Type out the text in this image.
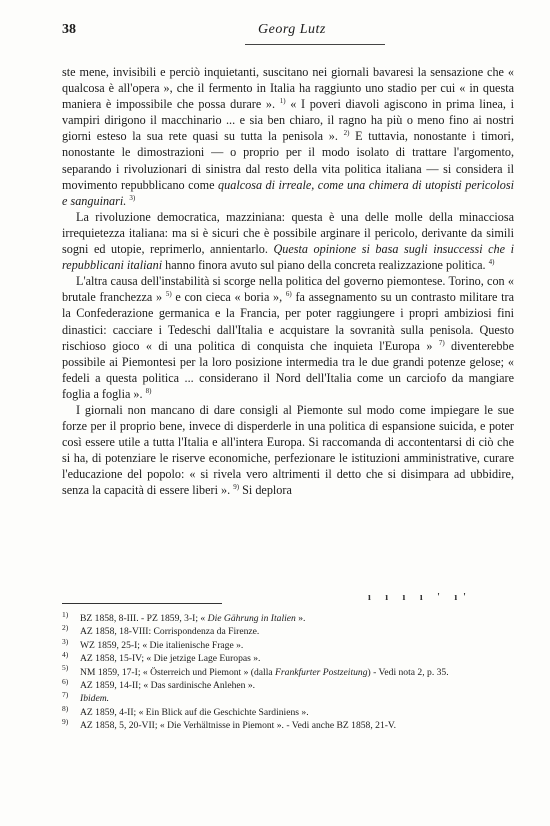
38	Georg Lutz

ste mene, invisibili e perciò inquietanti, suscitano nei giornali bavaresi la sensazione che « qualcosa è all'opera », che il fermento in Italia ha raggiunto uno stadio per cui « in questa maniera è impossibile che possa durare ». $^{1)}$ « I poveri diavoli agiscono in prima linea, i vampiri dirigono il macchinario ... e sia ben chiaro, il ragno ha più o meno fino ai nostri giorni esteso la sua rete quasi su tutta la penisola ». $^{2)}$ E tuttavia, nonostante i timori, nonostante le dimostrazioni — o proprio per il modo isolato di trattare l'argomento, separando i rivoluzionari di sinistra dal resto della vita politica italiana — si considera il movimento repubblicano come qualcosa di irreale, come una chimera di utopisti pericolosi e sanguinari. $^{3)}$

La rivoluzione democratica, mazziniana: questa è una delle molle della minacciosa irrequietezza italiana: ma si è sicuri che è possibile arginare il pericolo, derivante da simili sogni ed utopie, reprimerlo, annientarlo. Questa opinione si basa sugli insuccessi che i repubblicani italiani hanno finora avuto sul piano della concreta realizzazione politica. $^{4)}$

L'altra causa dell'instabilità si scorge nella politica del governo piemontese. Torino, con « brutale franchezza » $^{5)}$ e con cieca « boria », $^{6)}$ fa assegnamento su un contrasto militare tra la Confederazione germanica e la Francia, per poter raggiungere i propri ambiziosi fini dinastici: cacciare i Tedeschi dall'Italia e acquistare la sovranità sulla penisola. Questo rischioso gioco « di una politica di conquista che inquieta l'Europa » $^{7)}$ diventerebbe possibile ai Piemontesi per la loro posizione intermedia tra le due grandi potenze gelose; « fedeli a questa politica ... considerano il Nord dell'Italia come un carciofo da mangiare foglia a foglia ». $^{8)}$

I giornali non mancano di dare consigli al Piemonte sul modo come impiegare le sue forze per il proprio bene, invece di disperderle in una politica di espansione suicida, e poter così essere utile a tutta l'Italia e all'intera Europa. Si raccomanda di accontentarsi di ciò che si ha, di potenziare le riserve economiche, perfezionare le istituzioni amministrative, curare l'educazione del popolo: « si rivela vero altrimenti il detto che si disimpara ad ubbidire, senza la capacità di essere liberi ». $^{9)}$ Si deplora

ı ı ı ı ' ı'
1) BZ 1858, 8-III. - PZ 1859, 3-I; « Die Gährung in Italien ».
2) AZ 1858, 18-VIII: Corrispondenza da Firenze.
3) WZ 1859, 25-I; « Die italienische Frage ».
4) AZ 1858, 15-IV; « Die jetzige Lage Europas ».
5) NM 1859, 17-I; « Österreich und Piemont » (dalla Frankfurter Postzeitung) - Vedi nota 2, p. 35.
6) AZ 1859, 14-II; « Das sardinische Anlehen ».
7) Ibidem.
8) AZ 1859, 4-II; « Ein Blick auf die Geschichte Sardiniens ».
9) AZ 1858, 5, 20-VII; « Die Verhältnisse in Piemont ». - Vedi anche BZ 1858, 21-V.
